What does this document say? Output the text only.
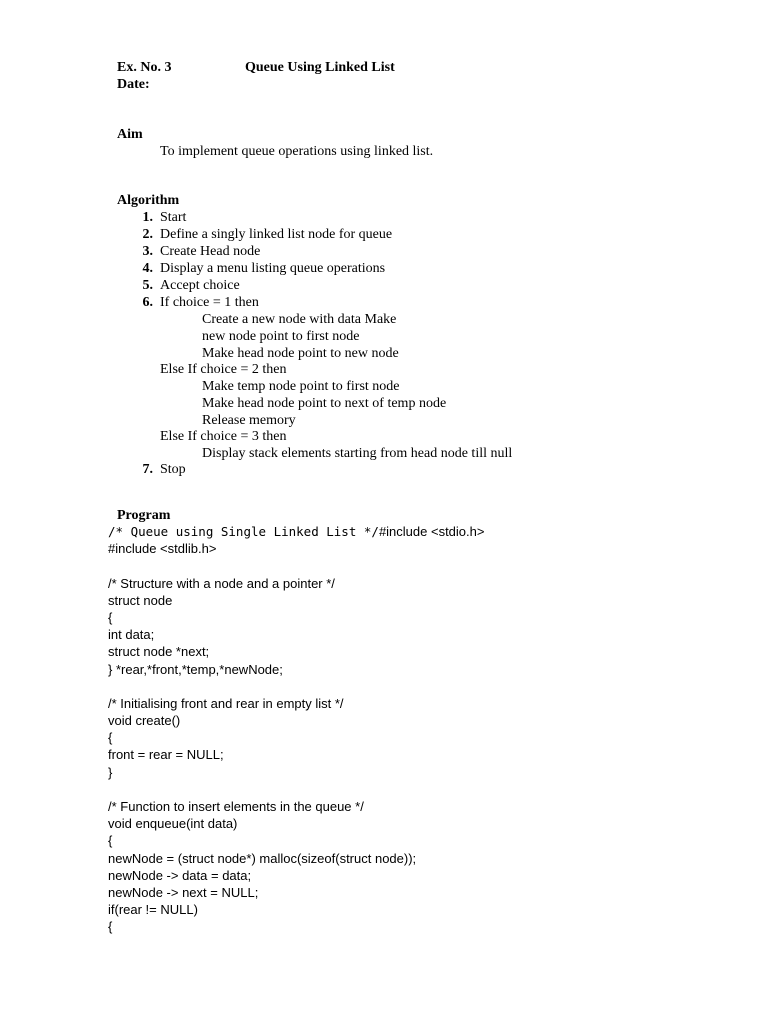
Ex. No. 3	Queue Using Linked List
Date:
Aim
To implement queue operations using linked list.
Algorithm
1. Start
2. Define a singly linked list node for queue
3. Create Head node
4. Display a menu listing queue operations
5. Accept choice
6. If choice = 1 then
Create a new node with data Make
new node point to first node
Make head node point to new node
Else If choice = 2 then
Make temp node point to first node
Make head node point to next of temp node
Release memory
Else If choice = 3 then
Display stack elements starting from head node till null
7. Stop
Program
/* Queue using Single Linked List */#include <stdio.h>
#include <stdlib.h>
/* Structure with a node and a pointer */
struct node
{
int data;
struct node *next;
} *rear,*front,*temp,*newNode;
/* Initialising front and rear in empty list */
void create()
{
front = rear = NULL;
}
/* Function to insert elements in the queue */
void enqueue(int data)
{
newNode = (struct node*) malloc(sizeof(struct node));
newNode -> data = data;
newNode -> next = NULL;
if(rear != NULL)
{
